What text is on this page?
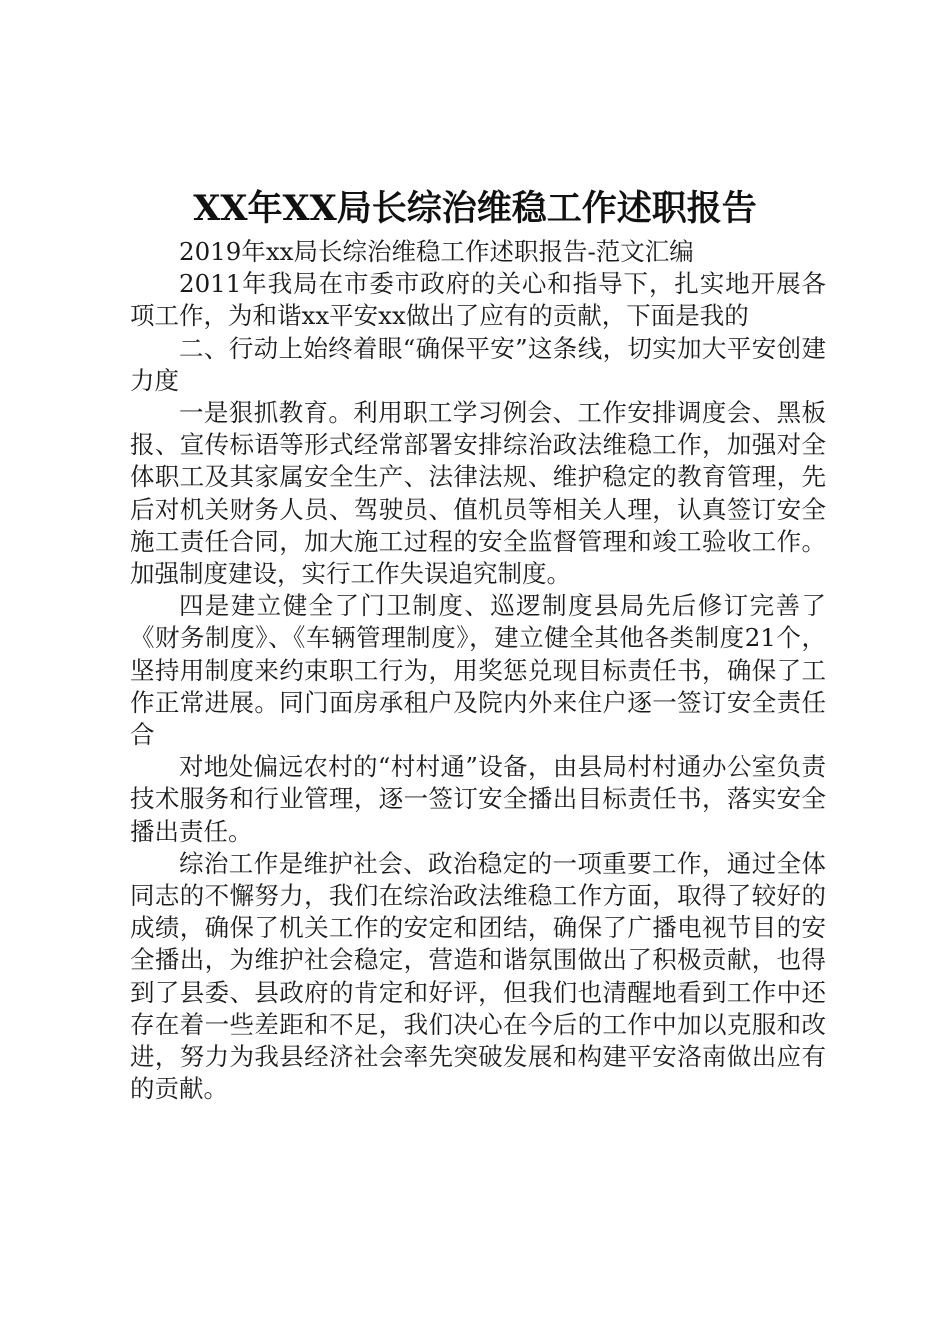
XX年XX局长综治维稳工作述职报告

2019年xx局长综治维稳工作述职报告-范文汇编

2011年我局在市委市政府的关心和指导下，扎实地开展各项工作，为和谐xx平安xx做出了应有的贡献，下面是我的

二、行动上始终着眼“确保平安”这条线，切实加大平安创建力度

一是狠抓教育。利用职工学习例会、工作安排调度会、黑板报、宣传标语等形式经常部署安排综治政法维稳工作，加强对全体职工及其家属安全生产、法律法规、维护稳定的教育管理，先后对机关财务人员、驾驶员、值机员等相关人理，认真签订安全施工责任合同，加大施工过程的安全监督管理和竣工验收工作。加强制度建设，实行工作失误追究制度。

四是建立健全了门卫制度、巡逻制度县局先后修订完善了《财务制度》、《车辆管理制度》，建立健全其他各类制度21个，坚持用制度来约束职工行为，用奖惩兑现目标责任书，确保了工作正常进展。同门面房承租户及院内外来住户逐一签订安全责任合

对地处偏远农村的“村村通”设备，由县局村村通办公室负责技术服务和行业管理，逐一签订安全播出目标责任书，落实安全播出责任。

综治工作是维护社会、政治稳定的一项重要工作，通过全体同志的不懈努力，我们在综治政法维稳工作方面，取得了较好的成绩，确保了机关工作的安定和团结，确保了广播电视节目的安全播出，为维护社会稳定，营造和谐氛围做出了积极贡献，也得到了县委、县政府的肯定和好评，但我们也清醒地看到工作中还存在着一些差距和不足，我们决心在今后的工作中加以克服和改进，努力为我县经济社会率先突破发展和构建平安洛南做出应有的贡献。
